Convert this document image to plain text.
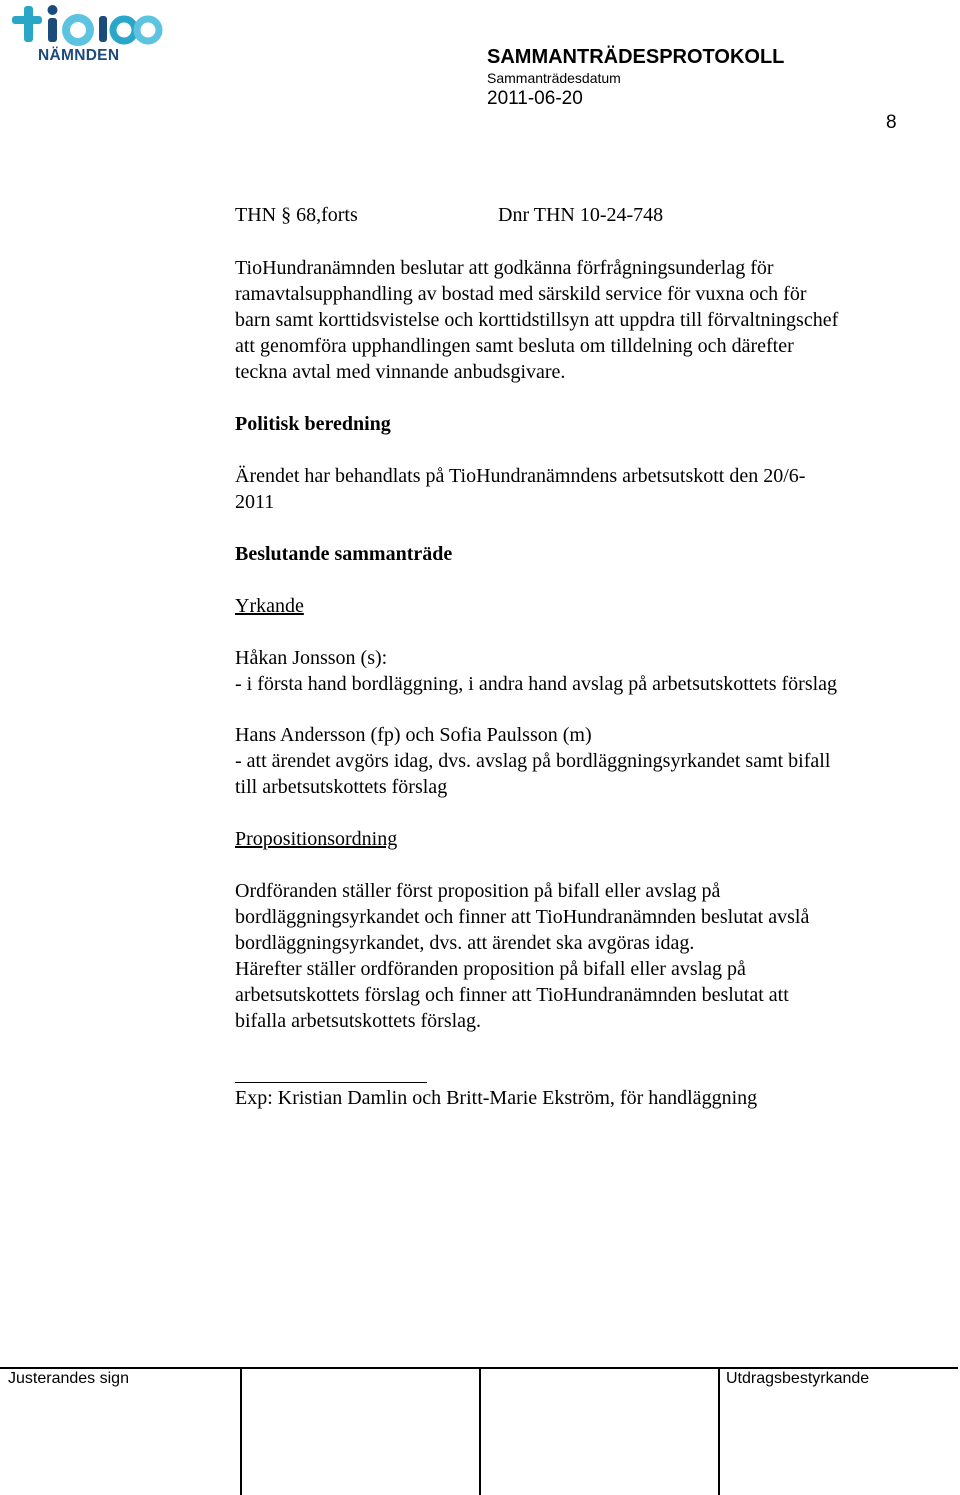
NÄMNDEN	SAMMANTRÄDESPROTOKOLL
Sammanträdesdatum
2011-06-20
8
THN § 68,forts	Dnr THN 10-24-748
TioHundranämnden beslutar att godkänna förfrågningsunderlag för
ramavtalsupphandling av bostad med särskild service för vuxna och för
barn samt korttidsvistelse och korttidstillsyn att uppdra till förvaltningschef
att genomföra upphandlingen samt besluta om tilldelning och därefter
teckna avtal med vinnande anbudsgivare.
Politisk beredning
Ärendet har behandlats på TioHundranämndens arbetsutskott den 20/6-
2011
Beslutande sammanträde
Yrkande
Håkan Jonsson (s):
- i första hand bordläggning, i andra hand avslag på arbetsutskottets förslag
Hans Andersson (fp) och Sofia Paulsson (m)
- att ärendet avgörs idag, dvs. avslag på bordläggningsyrkandet samt bifall
till arbetsutskottets förslag
Propositionsordning
Ordföranden ställer först proposition på bifall eller avslag på
bordläggningsyrkandet och finner att TioHundranämnden beslutat avslå
bordläggningsyrkandet, dvs. att ärendet ska avgöras idag.
Härefter ställer ordföranden proposition på bifall eller avslag på
arbetsutskottets förslag och finner att TioHundranämnden beslutat att
bifalla arbetsutskottets förslag.
Exp: Kristian Damlin och Britt-Marie Ekström, för handläggning
Justerandes sign	Utdragsbestyrkande
